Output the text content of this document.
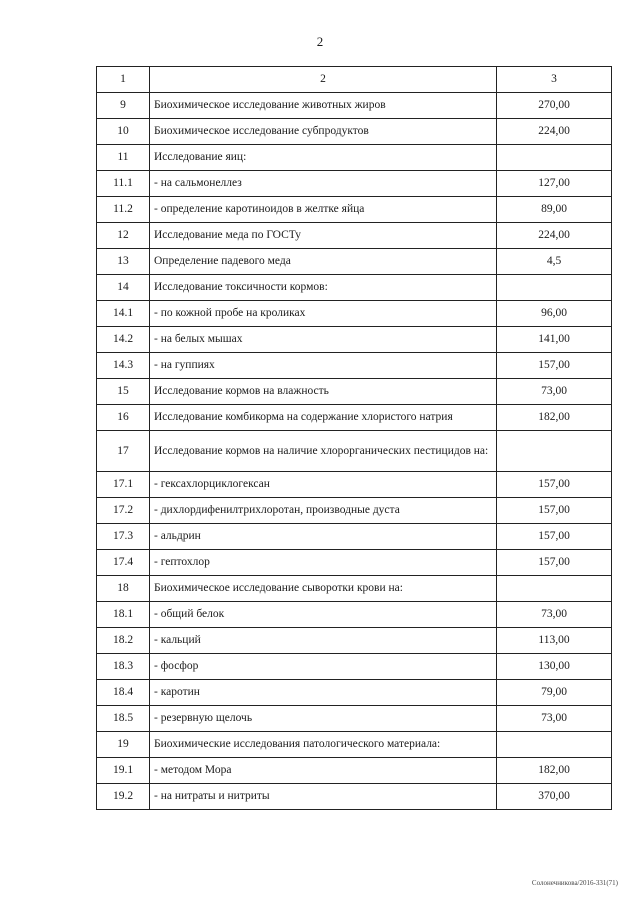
2
1	2	3
9	Биохимическое исследование животных жиров	270,00
10	Биохимическое исследование субпродуктов	224,00
11	Исследование яиц:	
11.1	- на сальмонеллез	127,00
11.2	- определение каротиноидов в желтке яйца	89,00
12	Исследование меда по ГОСТу	224,00
13	Определение падевого меда	4,5
14	Исследование токсичности кормов:	
14.1	- по кожной пробе на кроликах	96,00
14.2	- на белых мышах	141,00
14.3	- на гуппиях	157,00
15	Исследование кормов на влажность	73,00
16	Исследование комбикорма на содержание хлористого натрия	182,00
17	Исследование кормов на наличие хлорорганических пестицидов на:	
17.1	- гексахлорциклогексан	157,00
17.2	- дихлордифенилтрихлоротан, производные дуста	157,00
17.3	- альдрин	157,00
17.4	- гептохлор	157,00
18	Биохимическое исследование сыворотки крови на:	
18.1	- общий белок	73,00
18.2	- кальций	113,00
18.3	- фосфор	130,00
18.4	- каротин	79,00
18.5	- резервную щелочь	73,00
19	Биохимические исследования патологического материала:	
19.1	- методом Мора	182,00
19.2	- на нитраты и нитриты	370,00
Солонечникова/2016-331(71)
